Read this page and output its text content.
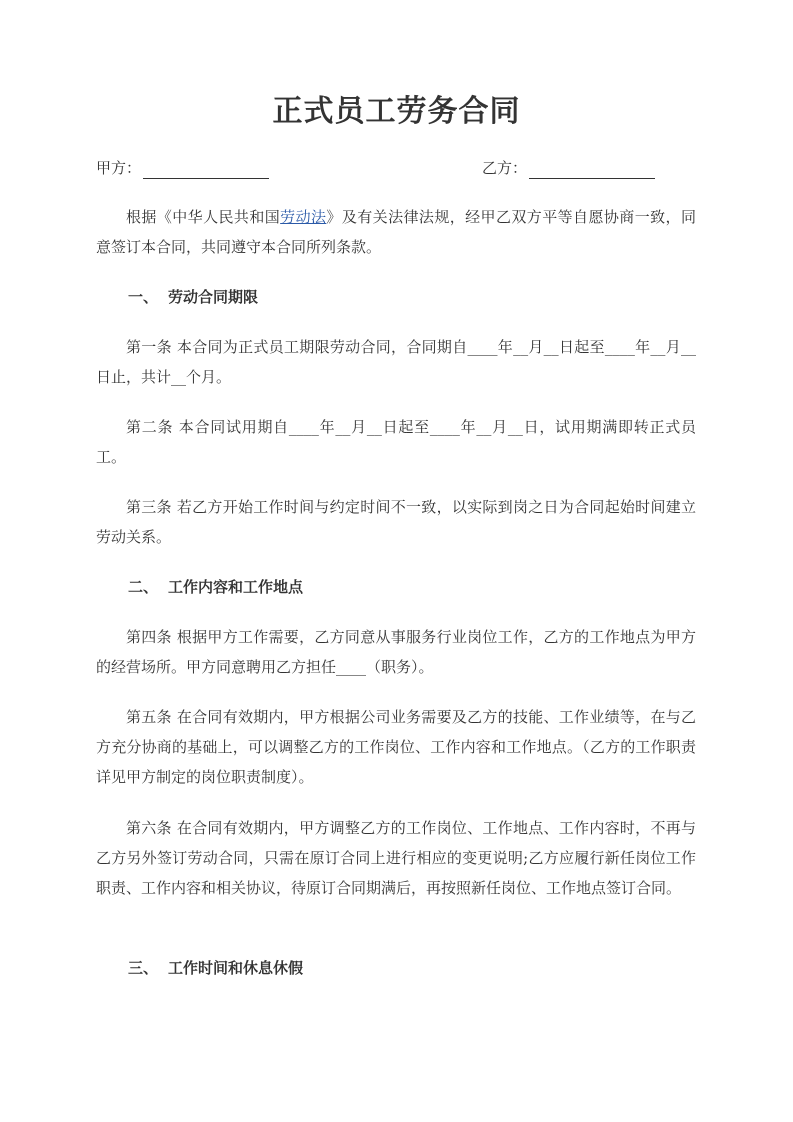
正式员工劳务合同
甲方：	乙方：
根据《中华人民共和国劳动法》及有关法律法规，经甲乙双方平等自愿协商一致，同意签订本合同，共同遵守本合同所列条款。
一、 劳动合同期限
第一条 本合同为正式员工期限劳动合同，合同期自____年__月__日起至____年__月__日止，共计__个月。
第二条 本合同试用期自____年__月__日起至____年__月__日，试用期满即转正式员工。
第三条 若乙方开始工作时间与约定时间不一致，以实际到岗之日为合同起始时间建立劳动关系。
二、 工作内容和工作地点
第四条 根据甲方工作需要，乙方同意从事服务行业岗位工作，乙方的工作地点为甲方的经营场所。甲方同意聘用乙方担任____（职务）。
第五条 在合同有效期内，甲方根据公司业务需要及乙方的技能、工作业绩等，在与乙方充分协商的基础上，可以调整乙方的工作岗位、工作内容和工作地点。（乙方的工作职责详见甲方制定的岗位职责制度）。
第六条 在合同有效期内，甲方调整乙方的工作岗位、工作地点、工作内容时，不再与乙方另外签订劳动合同，只需在原订合同上进行相应的变更说明;乙方应履行新任岗位工作职责、工作内容和相关协议，待原订合同期满后，再按照新任岗位、工作地点签订合同。
三、 工作时间和休息休假
